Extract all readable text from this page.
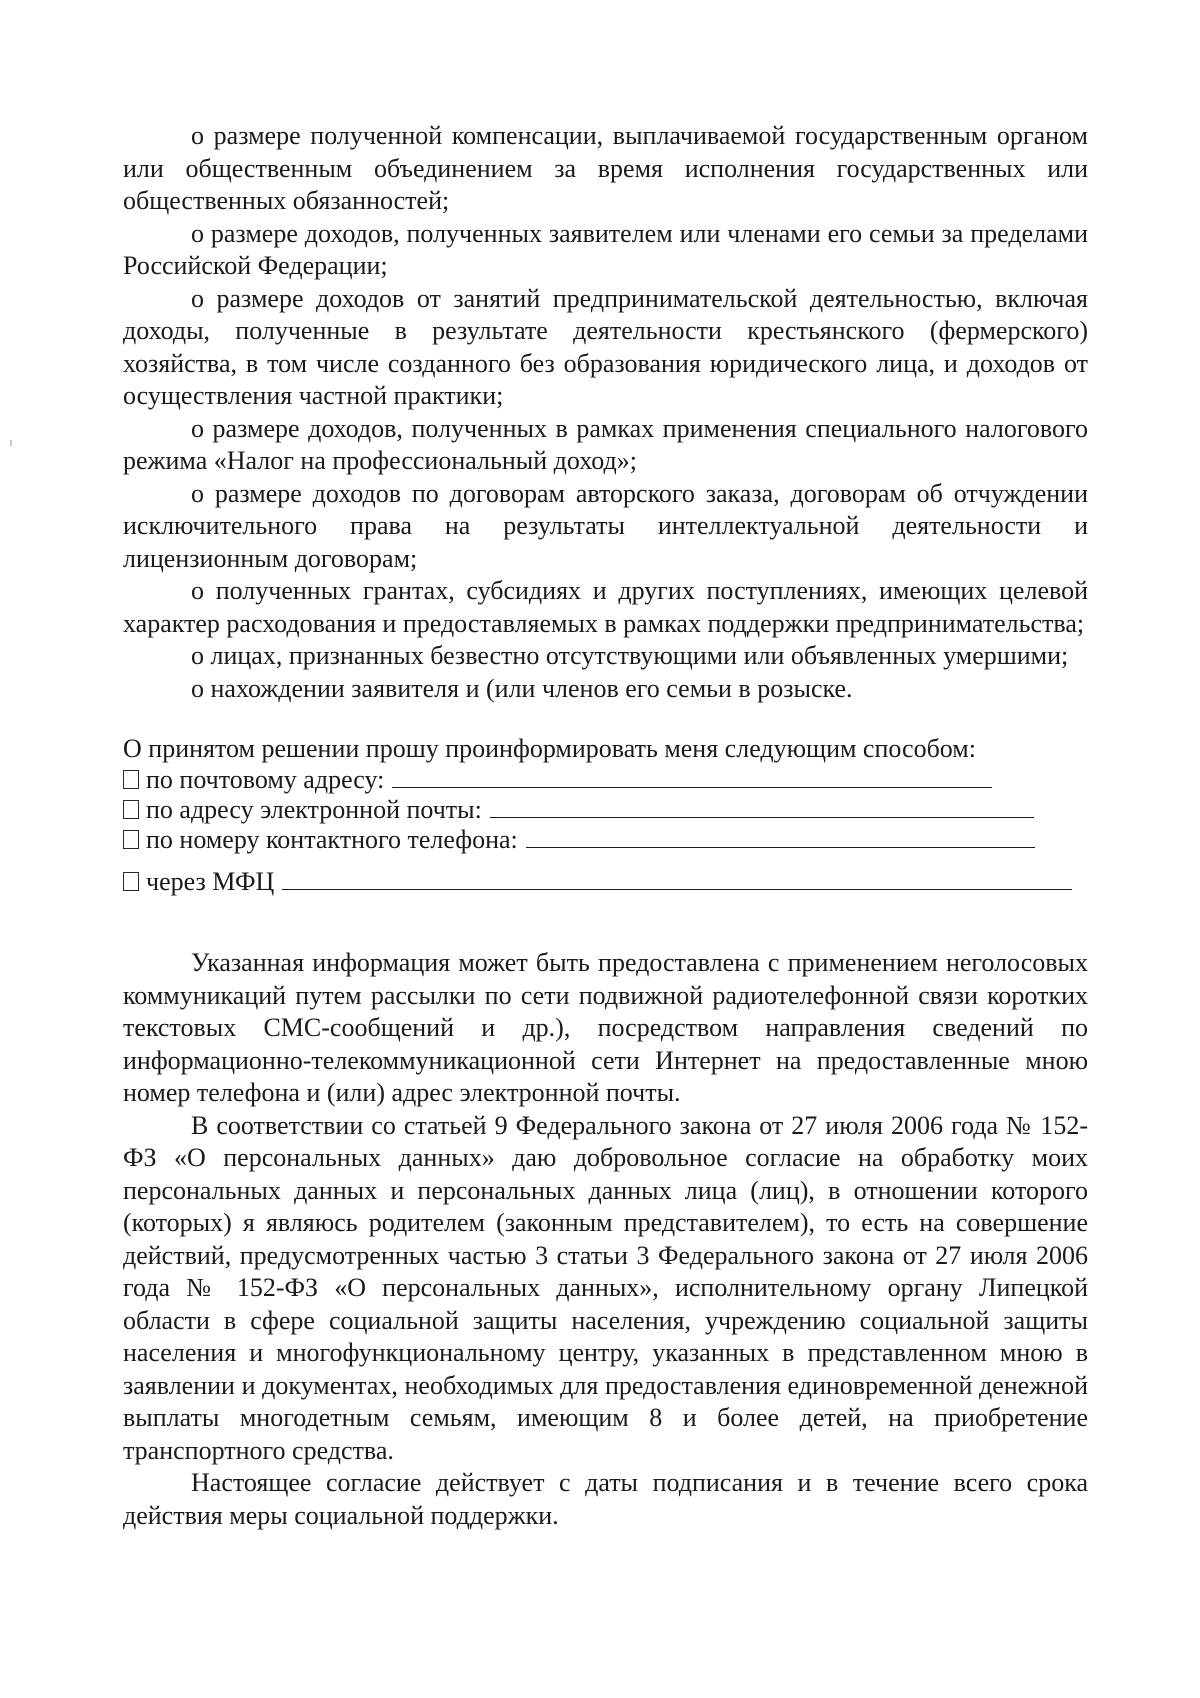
о размере полученной компенсации, выплачиваемой государственным органом или общественным объединением за время исполнения государственных или общественных обязанностей;

о размере доходов, полученных заявителем или членами его семьи за пределами Российской Федерации;

о размере доходов от занятий предпринимательской деятельностью, включая доходы, полученные в результате деятельности крестьянского (фермерского) хозяйства, в том числе созданного без образования юридического лица, и доходов от осуществления частной практики;

о размере доходов, полученных в рамках применения специального налогового режима «Налог на профессиональный доход»;

о размере доходов по договорам авторского заказа, договорам об отчуждении исключительного права на результаты интеллектуальной деятельности и лицензионным договорам;

о полученных грантах, субсидиях и других поступлениях, имеющих целевой характер расходования и предоставляемых в рамках поддержки предпринимательства;

о лицах, признанных безвестно отсутствующими или объявленных умершими;

о нахождении заявителя и (или членов его семьи в розыске.

О принятом решении прошу проинформировать меня следующим способом:

по почтовому адресу:
по адресу электронной почты:
по номеру контактного телефона:
через МФЦ

Указанная информация может быть предоставлена с применением неголосовых коммуникаций путем рассылки по сети подвижной радиотелефонной связи коротких текстовых СМС-сообщений и др.), посредством направления сведений по информационно-телекоммуникационной сети Интернет на предоставленные мною номер телефона и (или) адрес электронной почты.

В соответствии со статьей 9 Федерального закона от 27 июля 2006 года № 152-ФЗ «О персональных данных» даю добровольное согласие на обработку моих персональных данных и персональных данных лица (лиц), в отношении которого (которых) я являюсь родителем (законным представителем), то есть на совершение действий, предусмотренных частью 3 статьи 3 Федерального закона от 27 июля 2006 года № 152-ФЗ «О персональных данных», исполнительному органу Липецкой области в сфере социальной защиты населения, учреждению социальной защиты населения и многофункциональному центру, указанных в представленном мною в заявлении и документах, необходимых для предоставления единовременной денежной выплаты многодетным семьям, имеющим 8 и более детей, на приобретение транспортного средства.

Настоящее согласие действует с даты подписания и в течение всего срока действия меры социальной поддержки.
